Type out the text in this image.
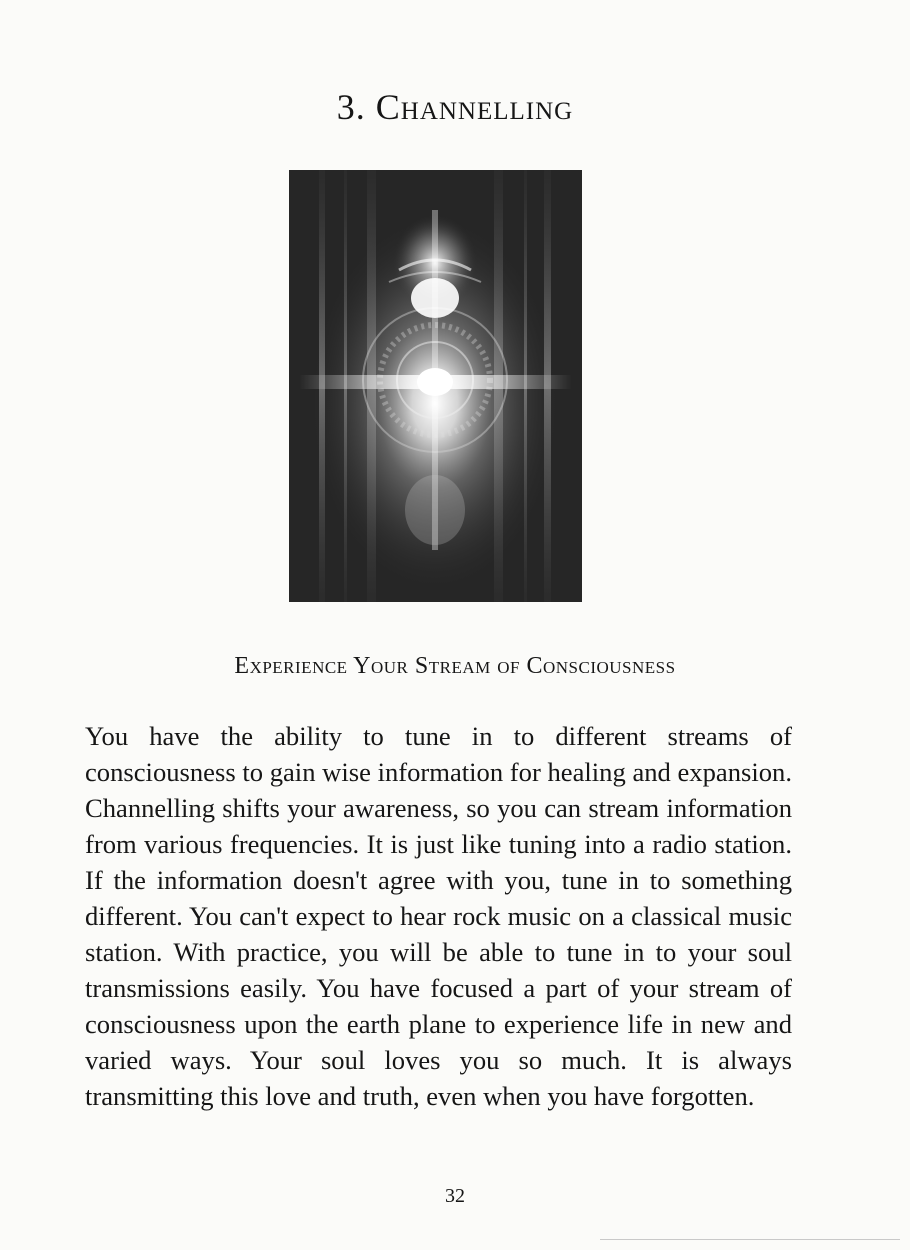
3. Channelling
Experience Your Stream of Consciousness

You have the ability to tune in to different streams of consciousness to gain wise information for healing and expansion. Channelling shifts your awareness, so you can stream information from various frequencies. It is just like tuning into a radio station. If the information doesn't agree with you, tune in to something different. You can't expect to hear rock music on a classical music station. With practice, you will be able to tune in to your soul transmissions easily. You have focused a part of your stream of consciousness upon the earth plane to experience life in new and varied ways. Your soul loves you so much. It is always transmitting this love and truth, even when you have forgotten.

32
